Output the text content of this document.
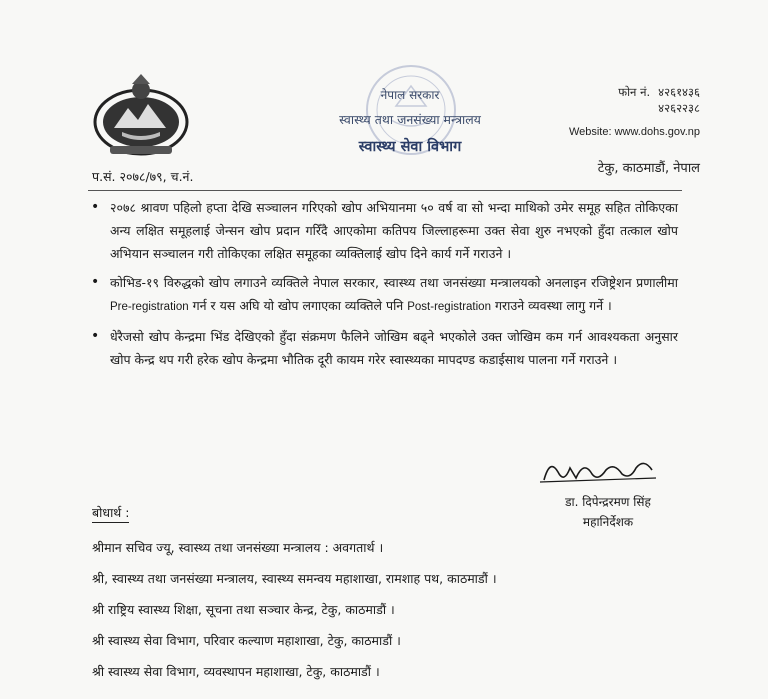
नेपाल सरकार
स्वास्थ्य तथा जनसंख्या मन्त्रालय
स्वास्थ्य सेवा विभाग
फोन नं. ४२६१४३६
४२६२२३८
Website: www.dohs.gov.np
टेकु, काठमाडौं, नेपाल
प.सं. २०७८/७९, च.नं.
• २०७८ श्रावण पहिलो हप्ता देखि सञ्चालन गरिएको खोप अभियानमा ५० वर्ष वा सो भन्दा माथिको उमेर समूह सहित तोकिएका अन्य लक्षित समूहलाई जेन्सन खोप प्रदान गरिँदै आएकोमा कतिपय जिल्लाहरूमा उक्त सेवा शुरु नभएको हुँदा तत्काल खोप अभियान सञ्चालन गरी तोकिएका लक्षित समूहका व्यक्तिलाई खोप दिने कार्य गर्ने गराउने ।
• कोभिड-१९ विरुद्धको खोप लगाउने व्यक्तिले नेपाल सरकार, स्वास्थ्य तथा जनसंख्या मन्त्रालयको अनलाइन रजिष्ट्रेशन प्रणालीमा Pre-registration गर्न र यस अघि यो खोप लगाएका व्यक्तिले पनि Post-registration गराउने व्यवस्था लागु गर्ने ।
• धेरैजसो खोप केन्द्रमा भिंड देखिएको हुँदा संक्रमण फैलिने जोखिम बढ्ने भएकोले उक्त जोखिम कम गर्न आवश्यकता अनुसार खोप केन्द्र थप गरी हरेक खोप केन्द्रमा भौतिक दूरी कायम गरेर स्वास्थ्यका मापदण्ड कडाईसाथ पालना गर्ने गराउने ।
डा. दिपेन्द्ररमण सिंह
महानिर्देशक
बोधार्थ :
श्रीमान सचिव ज्यू, स्वास्थ्य तथा जनसंख्या मन्त्रालय : अवगतार्थ ।
श्री, स्वास्थ्य तथा जनसंख्या मन्त्रालय, स्वास्थ्य समन्वय महाशाखा, रामशाह पथ, काठमाडौं ।
श्री राष्ट्रिय स्वास्थ्य शिक्षा, सूचना तथा सञ्चार केन्द्र, टेकु, काठमाडौं ।
श्री स्वास्थ्य सेवा विभाग, परिवार कल्याण महाशाखा, टेकु, काठमाडौं ।
श्री स्वास्थ्य सेवा विभाग, व्यवस्थापन महाशाखा, टेकु, काठमाडौं ।
